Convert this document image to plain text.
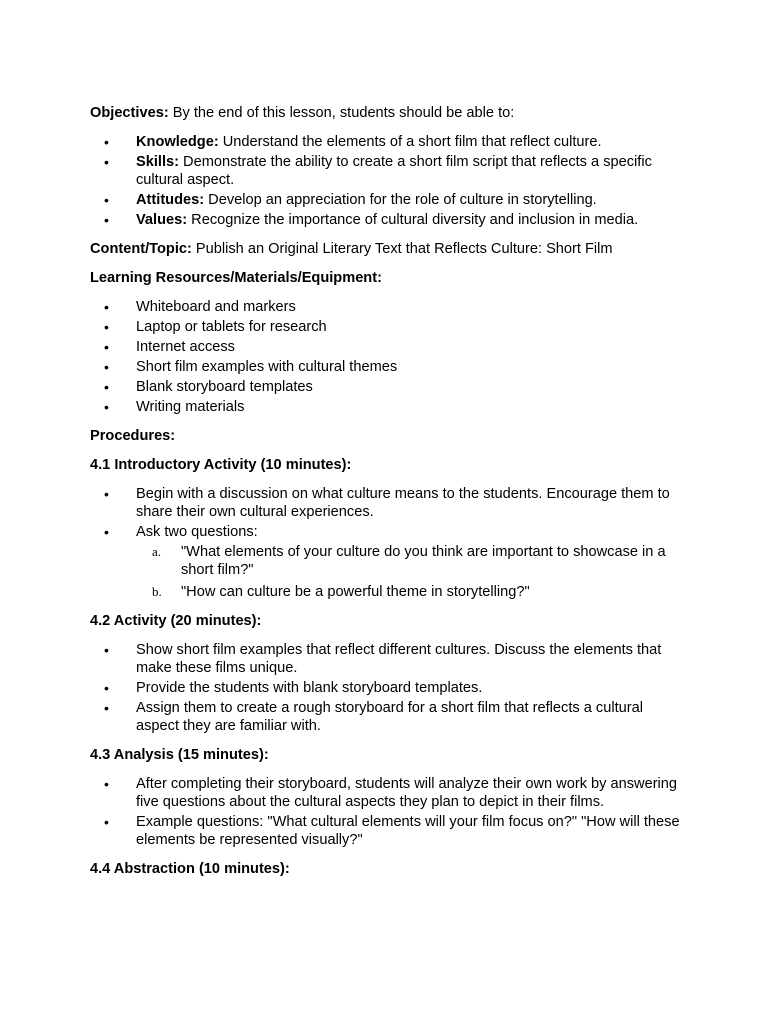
Objectives: By the end of this lesson, students should be able to:

• Knowledge: Understand the elements of a short film that reflect culture.
• Skills: Demonstrate the ability to create a short film script that reflects a specific cultural aspect.
• Attitudes: Develop an appreciation for the role of culture in storytelling.
• Values: Recognize the importance of cultural diversity and inclusion in media.

Content/Topic: Publish an Original Literary Text that Reflects Culture: Short Film

Learning Resources/Materials/Equipment:

• Whiteboard and markers
• Laptop or tablets for research
• Internet access
• Short film examples with cultural themes
• Blank storyboard templates
• Writing materials

Procedures:

4.1 Introductory Activity (10 minutes):

• Begin with a discussion on what culture means to the students. Encourage them to share their own cultural experiences.
• Ask two questions:
a. "What elements of your culture do you think are important to showcase in a short film?"
b. "How can culture be a powerful theme in storytelling?"

4.2 Activity (20 minutes):

• Show short film examples that reflect different cultures. Discuss the elements that make these films unique.
• Provide the students with blank storyboard templates.
• Assign them to create a rough storyboard for a short film that reflects a cultural aspect they are familiar with.

4.3 Analysis (15 minutes):

• After completing their storyboard, students will analyze their own work by answering five questions about the cultural aspects they plan to depict in their films.
• Example questions: "What cultural elements will your film focus on?" "How will these elements be represented visually?"

4.4 Abstraction (10 minutes):
